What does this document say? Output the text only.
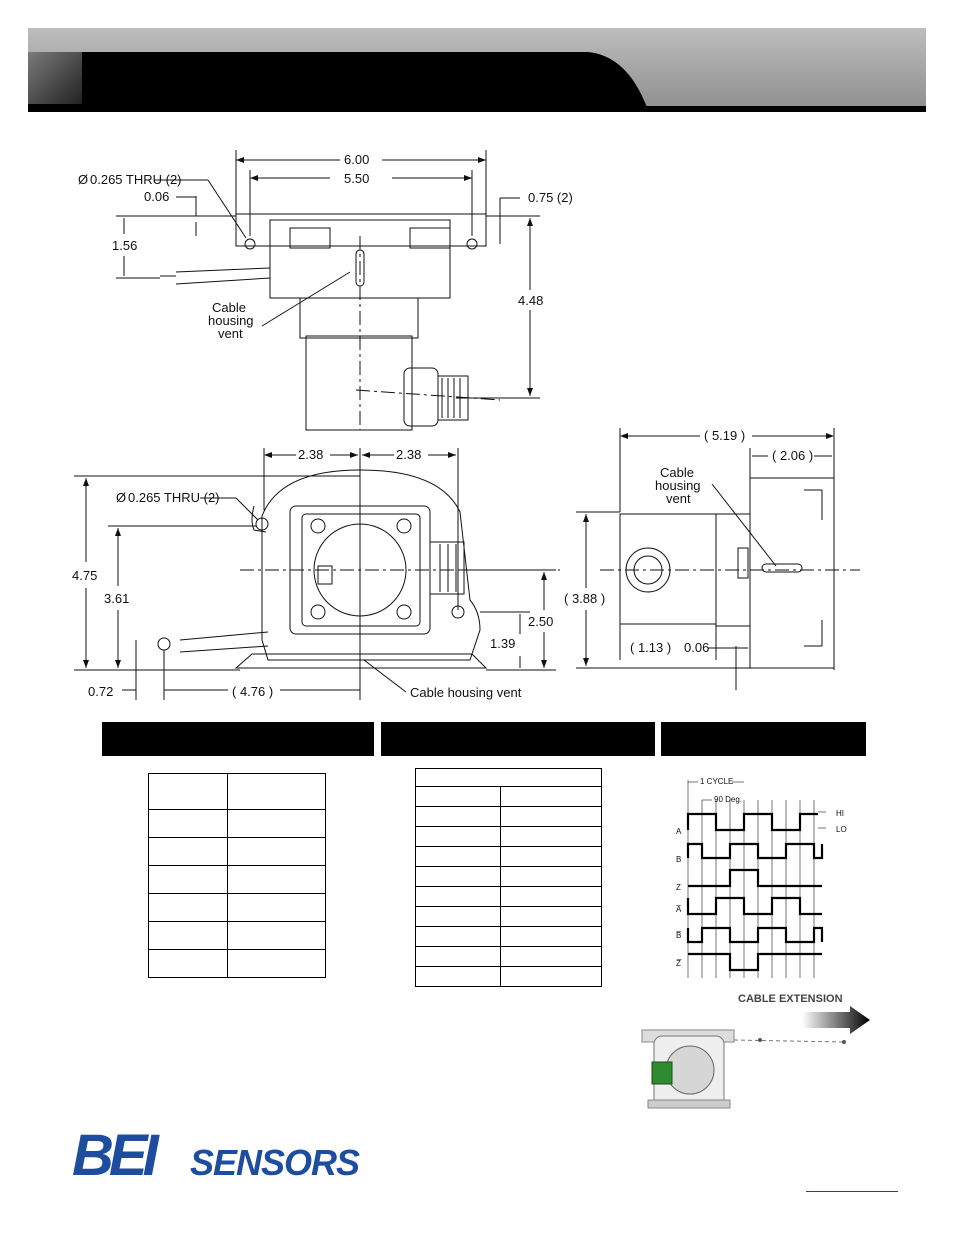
6.00
5.50
Ø 0.265 THRU (2)
0.06	0.75 (2)
1.56
4.48
Cable
housing
vent
2.38	2.38
Ø 0.265 THRU (2)
4.75
3.61
2.50
1.39
0.72	( 4.76 )	Cable housing vent
( 5.19 )
( 2.06 )
Cable
housing
vent
( 3.88 )
( 1.13 ) 0.06

1 CYCLE
90 Deg.
HI
LO
A
B
Z
A̅
B̅
Z̅
CABLE EXTENSION
BEI SENSORS
